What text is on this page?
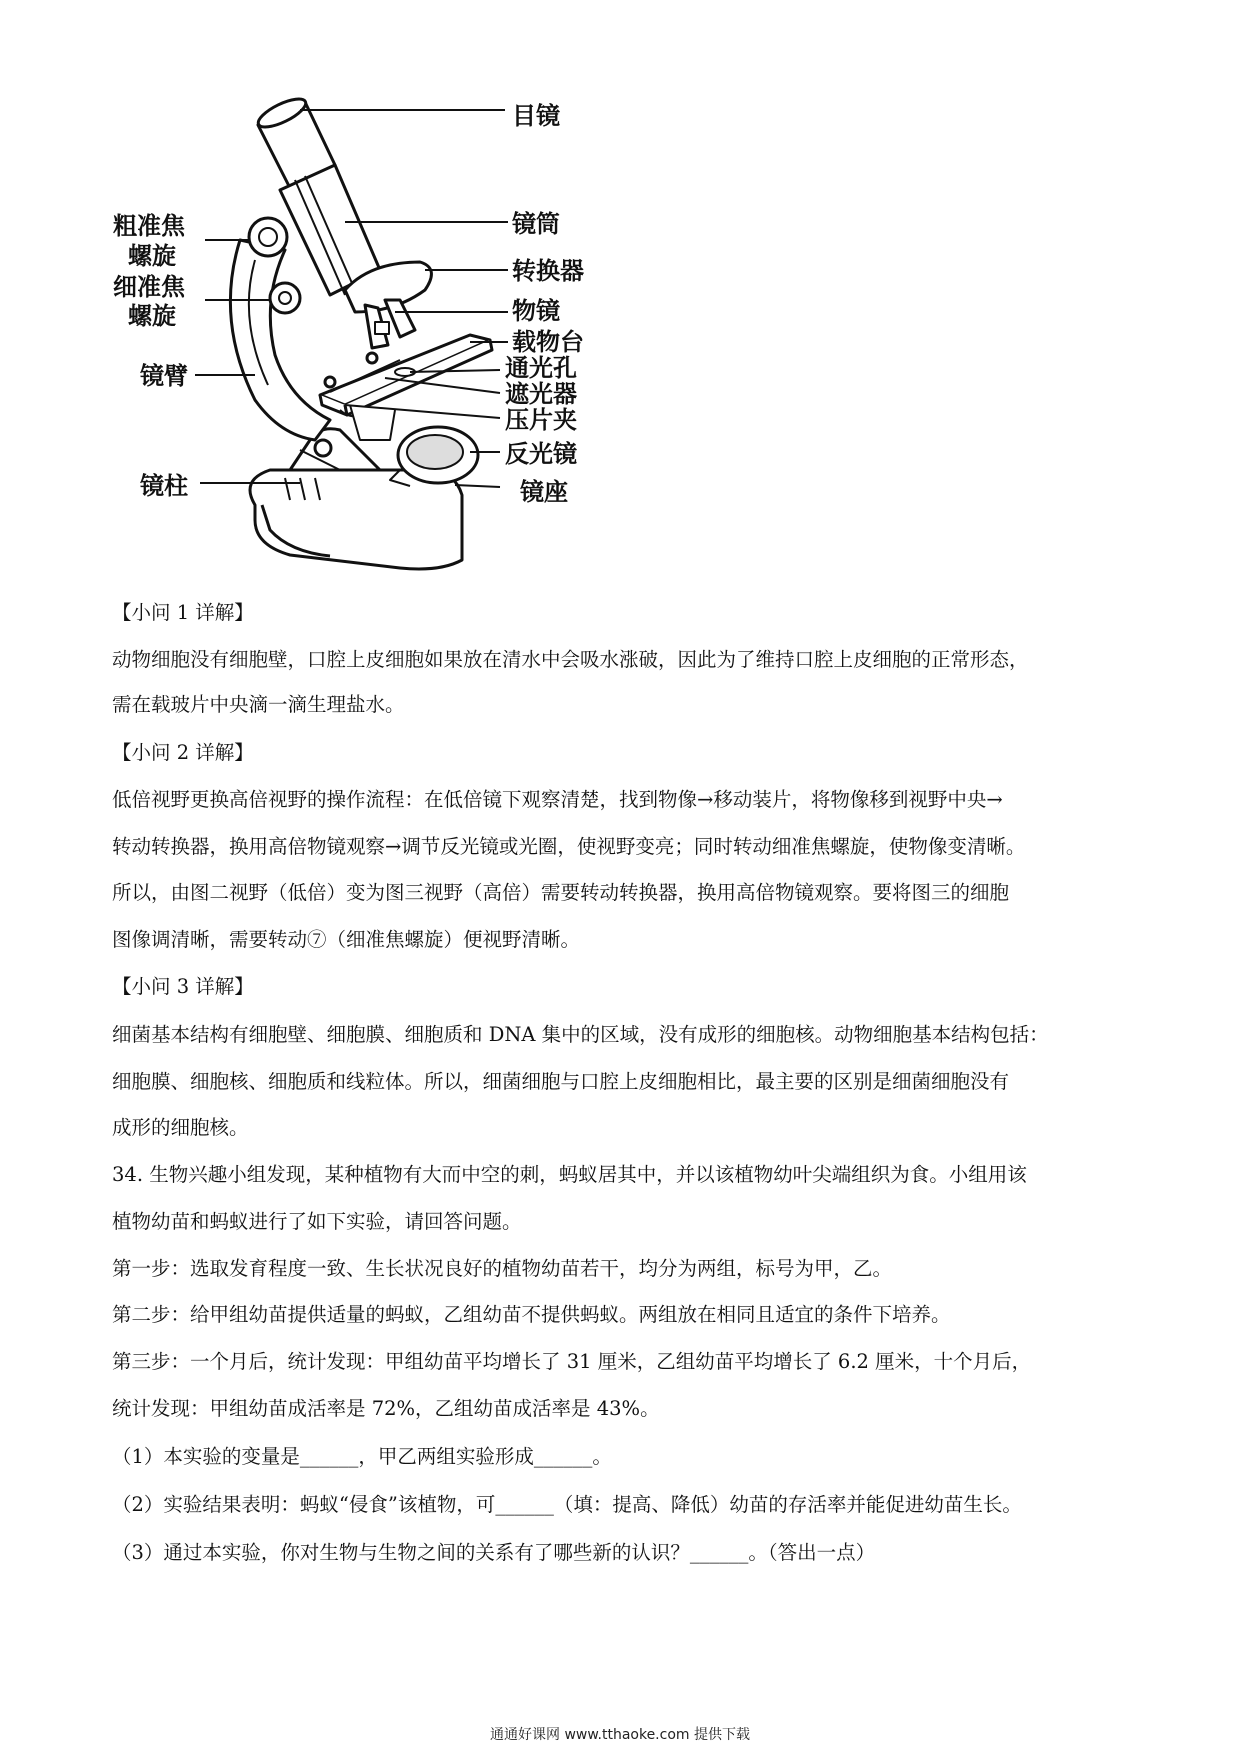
目镜
镜筒
转换器
物镜
载物台
通光孔
遮光器
压片夹
反光镜
镜座
粗准焦
螺旋
细准焦
螺旋
镜臂
镜柱

【小问 1 详解】

动物细胞没有细胞壁，口腔上皮细胞如果放在清水中会吸水涨破，因此为了维持口腔上皮细胞的正常形态，

需在载玻片中央滴一滴生理盐水。

【小问 2 详解】

低倍视野更换高倍视野的操作流程：在低倍镜下观察清楚，找到物像→移动装片，将物像移到视野中央→

转动转换器，换用高倍物镜观察→调节反光镜或光圈，使视野变亮；同时转动细准焦螺旋，使物像变清晰。

所以，由图二视野（低倍）变为图三视野（高倍）需要转动转换器，换用高倍物镜观察。要将图三的细胞

图像调清晰，需要转动⑦（细准焦螺旋）便视野清晰。

【小问 3 详解】

细菌基本结构有细胞壁、细胞膜、细胞质和 DNA 集中的区域，没有成形的细胞核。动物细胞基本结构包括：

细胞膜、细胞核、细胞质和线粒体。所以，细菌细胞与口腔上皮细胞相比，最主要的区别是细菌细胞没有

成形的细胞核。

34. 生物兴趣小组发现，某种植物有大而中空的刺，蚂蚁居其中，并以该植物幼叶尖端组织为食。小组用该

植物幼苗和蚂蚁进行了如下实验，请回答问题。

第一步：选取发育程度一致、生长状况良好的植物幼苗若干，均分为两组，标号为甲，乙。

第二步：给甲组幼苗提供适量的蚂蚁，乙组幼苗不提供蚂蚁。两组放在相同且适宜的条件下培养。

第三步：一个月后，统计发现：甲组幼苗平均增长了 31 厘米，乙组幼苗平均增长了 6.2 厘米，十个月后，

统计发现：甲组幼苗成活率是 72%，乙组幼苗成活率是 43%。

（1）本实验的变量是______，甲乙两组实验形成______。

（2）实验结果表明：蚂蚁“侵食”该植物，可______（填：提高、降低）幼苗的存活率并能促进幼苗生长。

（3）通过本实验，你对生物与生物之间的关系有了哪些新的认识？______。（答出一点）

通通好课网 www.tthaoke.com 提供下载
